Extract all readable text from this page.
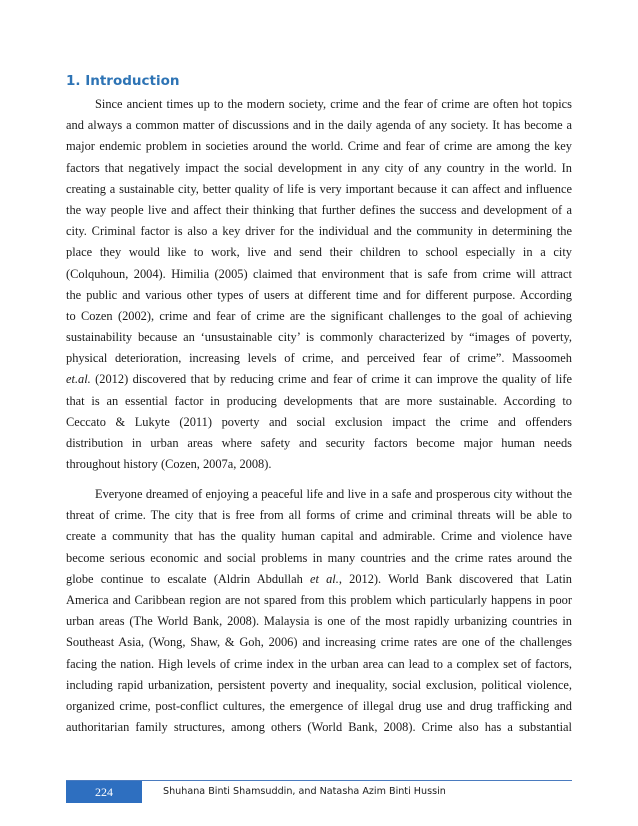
1. Introduction
Since ancient times up to the modern society, crime and the fear of crime are often hot topics
and always a common matter of discussions and in the daily agenda of any society. It has become a
major endemic problem in societies around the world. Crime and fear of crime are among the key
factors that negatively impact the social development in any city of any country in the world. In
creating a sustainable city, better quality of life is very important because it can affect and influence
the way people live and affect their thinking that further defines the success and development of a
city. Criminal factor is also a key driver for the individual and the community in determining the
place they would like to work, live and send their children to school especially in a city
(Colquhoun, 2004). Himilia (2005) claimed that environment that is safe from crime will attract
the public and various other types of users at different time and for different purpose. According
to Cozen (2002), crime and fear of crime are the significant challenges to the goal of achieving
sustainability because an ‘unsustainable city’ is commonly characterized by “images of poverty,
physical deterioration, increasing levels of crime, and perceived fear of crime”. Massoomeh
et.al. (2012) discovered that by reducing crime and fear of crime it can improve the quality of life
that is an essential factor in producing developments that are more sustainable. According to
Ceccato & Lukyte (2011) poverty and social exclusion impact the crime and offenders
distribution in urban areas where safety and security factors become major human needs
throughout history (Cozen, 2007a, 2008).
Everyone dreamed of enjoying a peaceful life and live in a safe and prosperous city without the
threat of crime. The city that is free from all forms of crime and criminal threats will be able to
create a community that has the quality human capital and admirable. Crime and violence have
become serious economic and social problems in many countries and the crime rates around the
globe continue to escalate (Aldrin Abdullah et al., 2012). World Bank discovered that Latin
America and Caribbean region are not spared from this problem which particularly happens in poor
urban areas (The World Bank, 2008). Malaysia is one of the most rapidly urbanizing countries in
Southeast Asia, (Wong, Shaw, & Goh, 2006) and increasing crime rates are one of the challenges
facing the nation. High levels of crime index in the urban area can lead to a complex set of factors,
including rapid urbanization, persistent poverty and inequality, social exclusion, political violence,
organized crime, post-conflict cultures, the emergence of illegal drug use and drug trafficking and
authoritarian family structures, among others (World Bank, 2008). Crime also has a substantial
224	Shuhana Binti Shamsuddin, and Natasha Azim Binti Hussin
